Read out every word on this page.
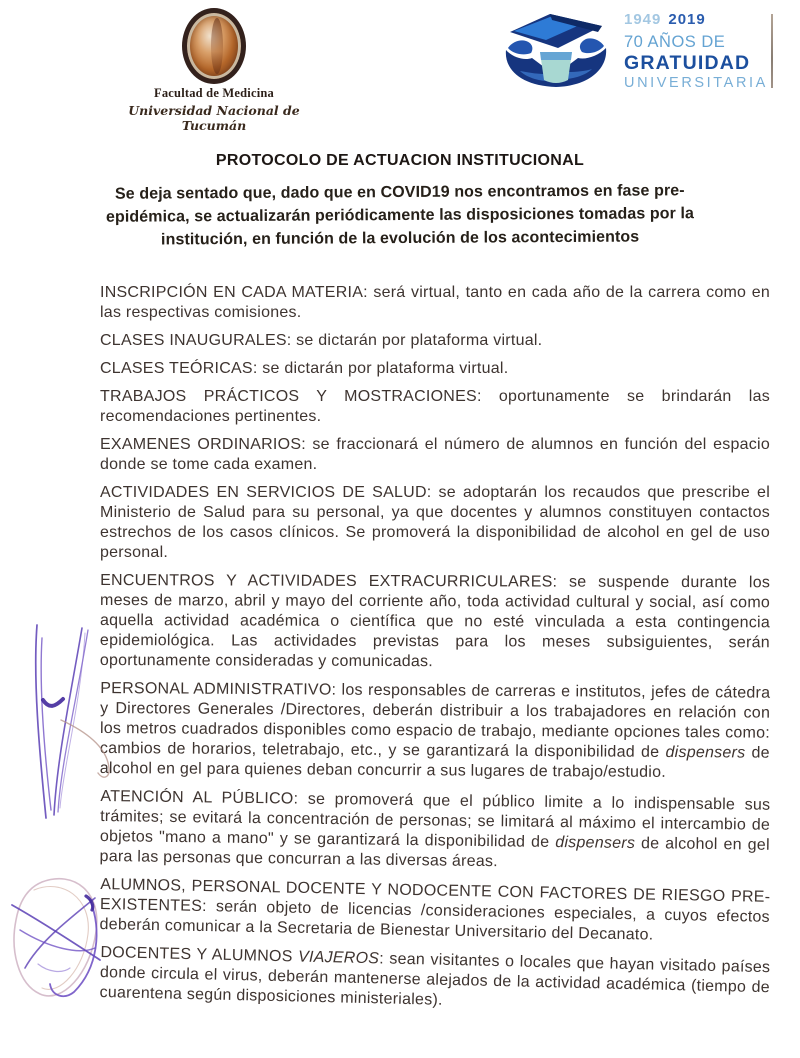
Facultad de Medicina
Universidad Nacional de Tucumán
1949 2019
70 AÑOS DE
GRATUIDAD
UNIVERSITARIA
PROTOCOLO DE ACTUACION INSTITUCIONAL
Se deja sentado que, dado que en COVID19 nos encontramos en fase pre-epidémica, se actualizarán periódicamente las disposiciones tomadas por la institución, en función de la evolución de los acontecimientos

INSCRIPCIÓN EN CADA MATERIA: será virtual, tanto en cada año de la carrera como en las respectivas comisiones.

CLASES INAUGURALES: se dictarán por plataforma virtual.

CLASES TEÓRICAS: se dictarán por plataforma virtual.

TRABAJOS PRÁCTICOS Y MOSTRACIONES: oportunamente se brindarán las recomendaciones pertinentes.

EXAMENES ORDINARIOS: se fraccionará el número de alumnos en función del espacio donde se tome cada examen.

ACTIVIDADES EN SERVICIOS DE SALUD: se adoptarán los recaudos que prescribe el Ministerio de Salud para su personal, ya que docentes y alumnos constituyen contactos estrechos de los casos clínicos. Se promoverá la disponibilidad de alcohol en gel de uso personal.

ENCUENTROS Y ACTIVIDADES EXTRACURRICULARES: se suspende durante los meses de marzo, abril y mayo del corriente año, toda actividad cultural y social, así como aquella actividad académica o científica que no esté vinculada a esta contingencia epidemiológica. Las actividades previstas para los meses subsiguientes, serán oportunamente consideradas y comunicadas.

PERSONAL ADMINISTRATIVO: los responsables de carreras e institutos, jefes de cátedra y Directores Generales /Directores, deberán distribuir a los trabajadores en relación con los metros cuadrados disponibles como espacio de trabajo, mediante opciones tales como: cambios de horarios, teletrabajo, etc., y se garantizará la disponibilidad de dispensers de alcohol en gel para quienes deban concurrir a sus lugares de trabajo/estudio.

ATENCIÓN AL PÚBLICO: se promoverá que el público limite a lo indispensable sus trámites; se evitará la concentración de personas; se limitará al máximo el intercambio de objetos "mano a mano" y se garantizará la disponibilidad de dispensers de alcohol en gel para las personas que concurran a las diversas áreas.

ALUMNOS, PERSONAL DOCENTE Y NODOCENTE CON FACTORES DE RIESGO PRE-EXISTENTES: serán objeto de licencias /consideraciones especiales, a cuyos efectos deberán comunicar a la Secretaria de Bienestar Universitario del Decanato.

DOCENTES Y ALUMNOS VIAJEROS: sean visitantes o locales que hayan visitado países donde circula el virus, deberán mantenerse alejados de la actividad académica (tiempo de cuarentena según disposiciones ministeriales).
